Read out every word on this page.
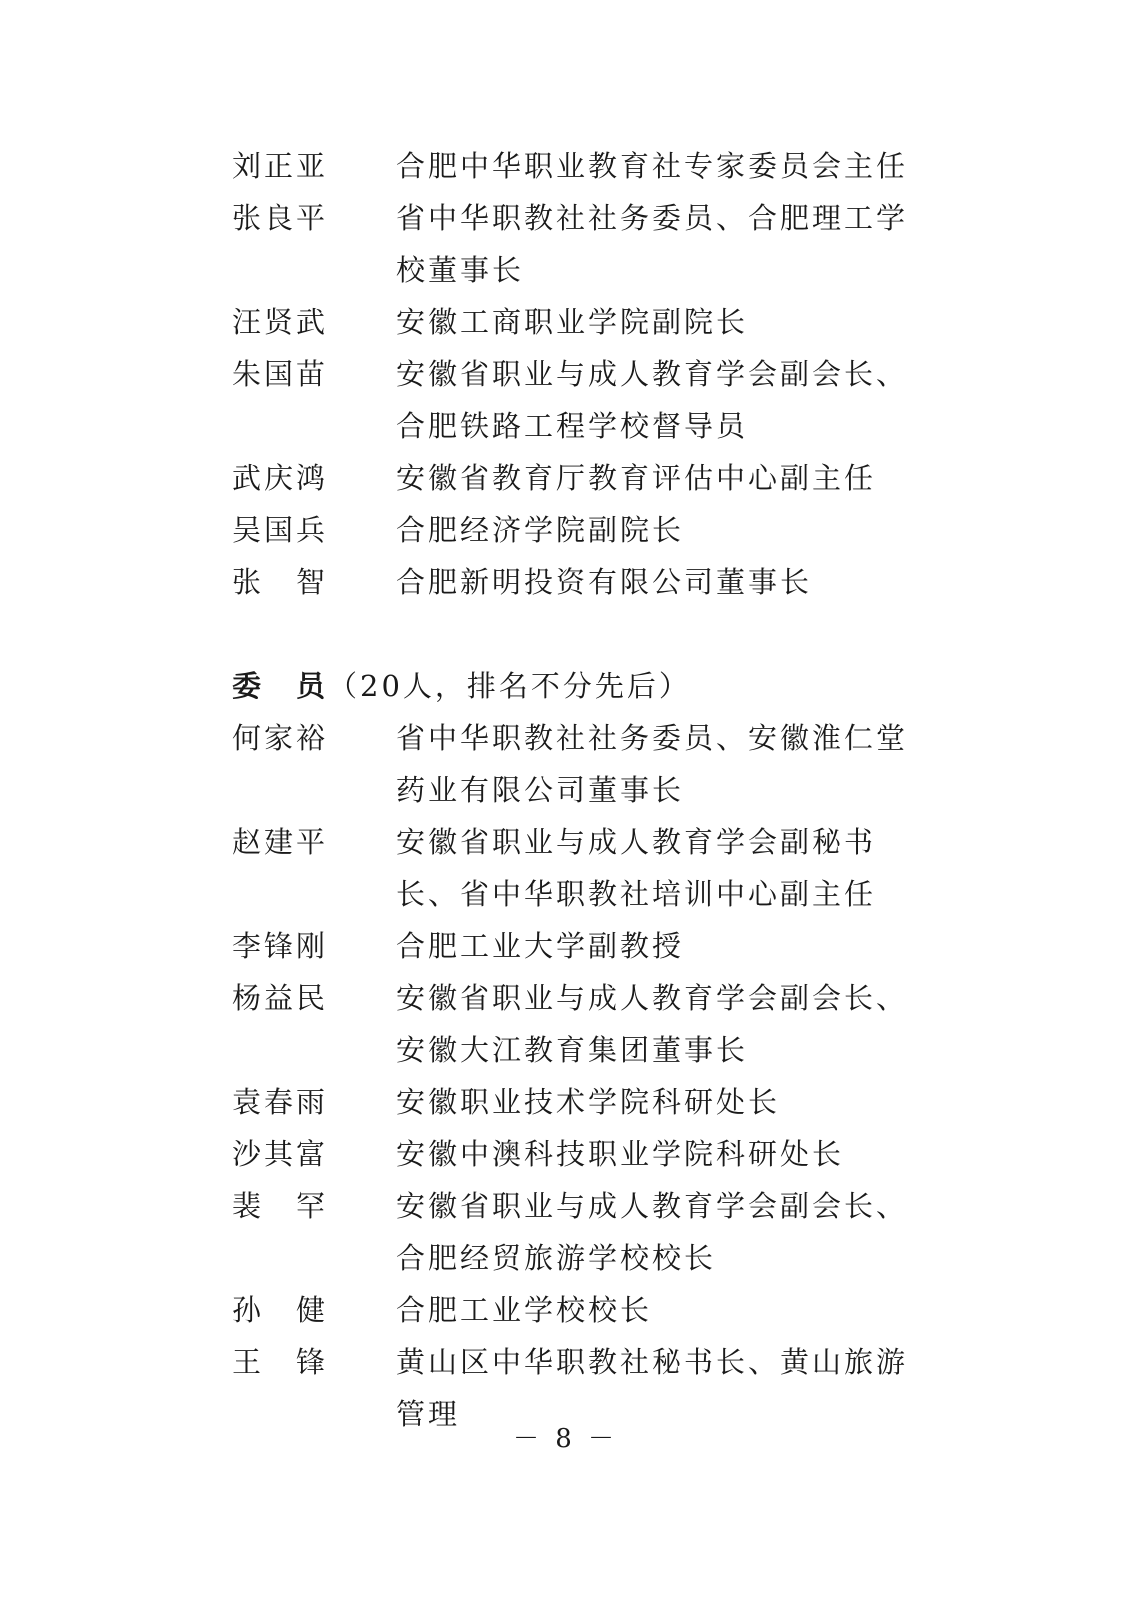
刘正亚	合肥中华职业教育社专家委员会主任
张良平	省中华职教社社务委员、合肥理工学校董事长
汪贤武	安徽工商职业学院副院长
朱国苗	安徽省职业与成人教育学会副会长、合肥铁路工程学校督导员
武庆鸿	安徽省教育厅教育评估中心副主任
吴国兵	合肥经济学院副院长
张　智	合肥新明投资有限公司董事长
委　员（20人，排名不分先后）
何家裕	省中华职教社社务委员、安徽淮仁堂药业有限公司董事长
赵建平	安徽省职业与成人教育学会副秘书长、省中华职教社培训中心副主任
李锋刚	合肥工业大学副教授
杨益民	安徽省职业与成人教育学会副会长、安徽大江教育集团董事长
袁春雨	安徽职业技术学院科研处长
沙其富	安徽中澳科技职业学院科研处长
裴　罕	安徽省职业与成人教育学会副会长、合肥经贸旅游学校校长
孙　健	合肥工业学校校长
王　锋	黄山区中华职教社秘书长、黄山旅游管理
－ 8 －
